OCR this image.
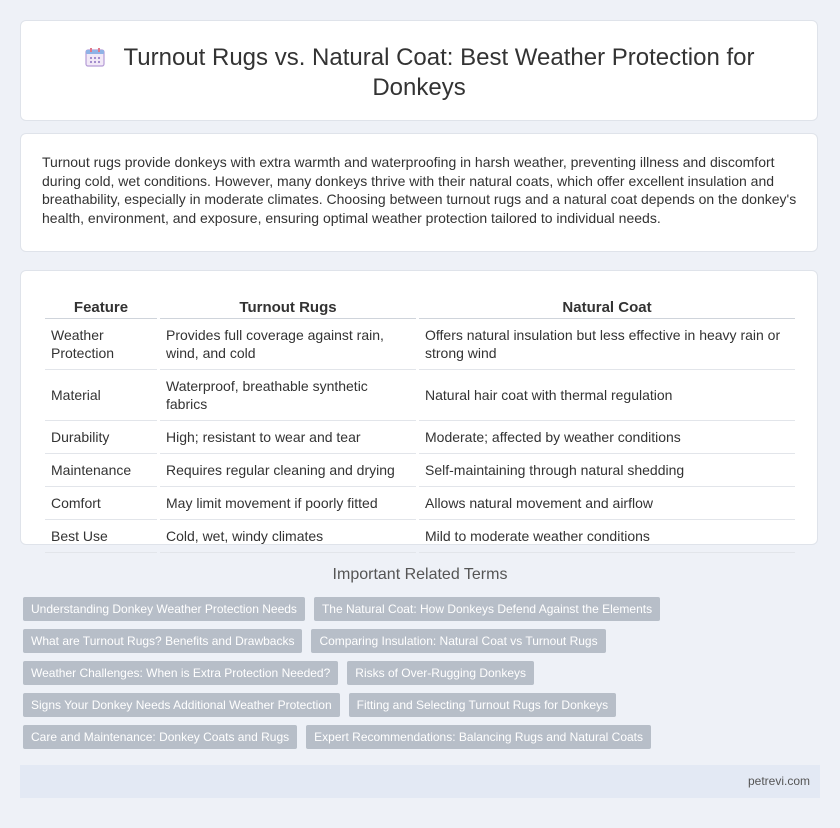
Turnout Rugs vs. Natural Coat: Best Weather Protection for Donkeys

Turnout rugs provide donkeys with extra warmth and waterproofing in harsh weather, preventing illness and discomfort during cold, wet conditions. However, many donkeys thrive with their natural coats, which offer excellent insulation and breathability, especially in moderate climates. Choosing between turnout rugs and a natural coat depends on the donkey's health, environment, and exposure, ensuring optimal weather protection tailored to individual needs.

Feature	Turnout Rugs	Natural Coat
Weather Protection	Provides full coverage against rain, wind, and cold	Offers natural insulation but less effective in heavy rain or strong wind
Material	Waterproof, breathable synthetic fabrics	Natural hair coat with thermal regulation
Durability	High; resistant to wear and tear	Moderate; affected by weather conditions
Maintenance	Requires regular cleaning and drying	Self-maintaining through natural shedding
Comfort	May limit movement if poorly fitted	Allows natural movement and airflow
Best Use	Cold, wet, windy climates	Mild to moderate weather conditions
Important Related Terms
Understanding Donkey Weather Protection Needs The Natural Coat: How Donkeys Defend Against the Elements
What are Turnout Rugs? Benefits and Drawbacks Comparing Insulation: Natural Coat vs Turnout Rugs
Weather Challenges: When is Extra Protection Needed? Risks of Over-Rugging Donkeys
Signs Your Donkey Needs Additional Weather Protection Fitting and Selecting Turnout Rugs for Donkeys
Care and Maintenance: Donkey Coats and Rugs Expert Recommendations: Balancing Rugs and Natural Coats
petrevi.com
